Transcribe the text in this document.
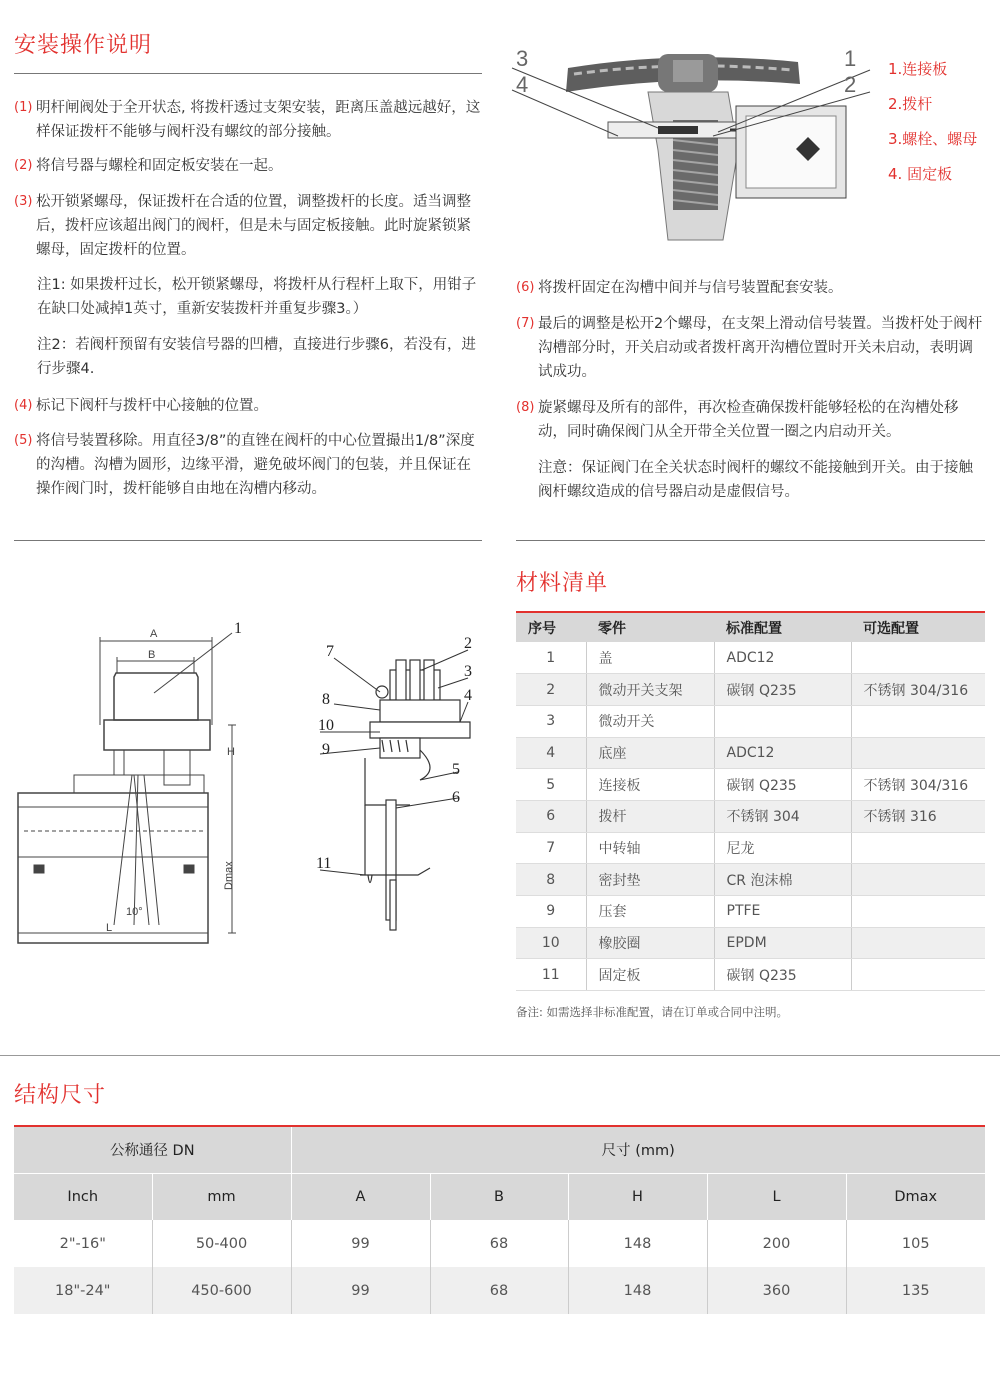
安装操作说明
(1) 明杆闸阀处于全开状态, 将拨杆透过支架安装，距离压盖越远越好，这样保证拨杆不能够与阀杆没有螺纹的部分接触。
(2) 将信号器与螺栓和固定板安装在一起。
(3) 松开锁紧螺母，保证拨杆在合适的位置，调整拨杆的长度。适当调整后，拨杆应该超出阀门的阀杆，但是未与固定板接触。此时旋紧锁紧螺母，固定拨杆的位置。
注1: 如果拨杆过长，松开锁紧螺母，将拨杆从行程杆上取下，用钳子在缺口处减掉1英寸，重新安装拨杆并重复步骤3。）
注2：若阀杆预留有安装信号器的凹槽，直接进行步骤6，若没有，进行步骤4.
(4) 标记下阀杆与拨杆中心接触的位置。
(5) 将信号装置移除。用直径3/8”的直锉在阀杆的中心位置撮出1/8”深度的沟槽。沟槽为圆形，边缘平滑，避免破坏阀门的包装，并且保证在操作阀门时，拨杆能够自由地在沟槽内移动。
(6) 将拨杆固定在沟槽中间并与信号装置配套安装。
(7) 最后的调整是松开2个螺母，在支架上滑动信号装置。当拨杆处于阀杆沟槽部分时，开关启动或者拨杆离开沟槽位置时开关未启动，表明调试成功。
(8) 旋紧螺母及所有的部件，再次检查确保拨杆能够轻松的在沟槽处移动，同时确保阀门从全开带全关位置一圈之内启动开关。
注意：保证阀门在全关状态时阀杆的螺纹不能接触到开关。由于接触阀杆螺纹造成的信号器启动是虚假信号。
3
4
1
2
1.连接板
2.拨杆
3.螺栓、螺母
4. 固定板
A
B
1
H
Dmax
10°
L
7	2
3
8	4
10
9
5
6
11
材料清单
序号	零件	标准配置	可选配置
1	盖	ADC12	
2	微动开关支架	碳钢 Q235	不锈钢 304/316
3	微动开关		
4	底座	ADC12	
5	连接板	碳钢 Q235	不锈钢 304/316
6	拨杆	不锈钢 304	不锈钢 316
7	中转轴	尼龙	
8	密封垫	CR 泡沫棉	
9	压套	PTFE	
10	橡胶圈	EPDM	
11	固定板	碳钢 Q235	
备注: 如需选择非标准配置，请在订单或合同中注明。
结构尺寸
公称通径 DN		尺寸 (mm)				
Inch	mm	A	B	H	L	Dmax
2"-16"	50-400	99	68	148	200	105
18"-24"	450-600	99	68	148	360	135
